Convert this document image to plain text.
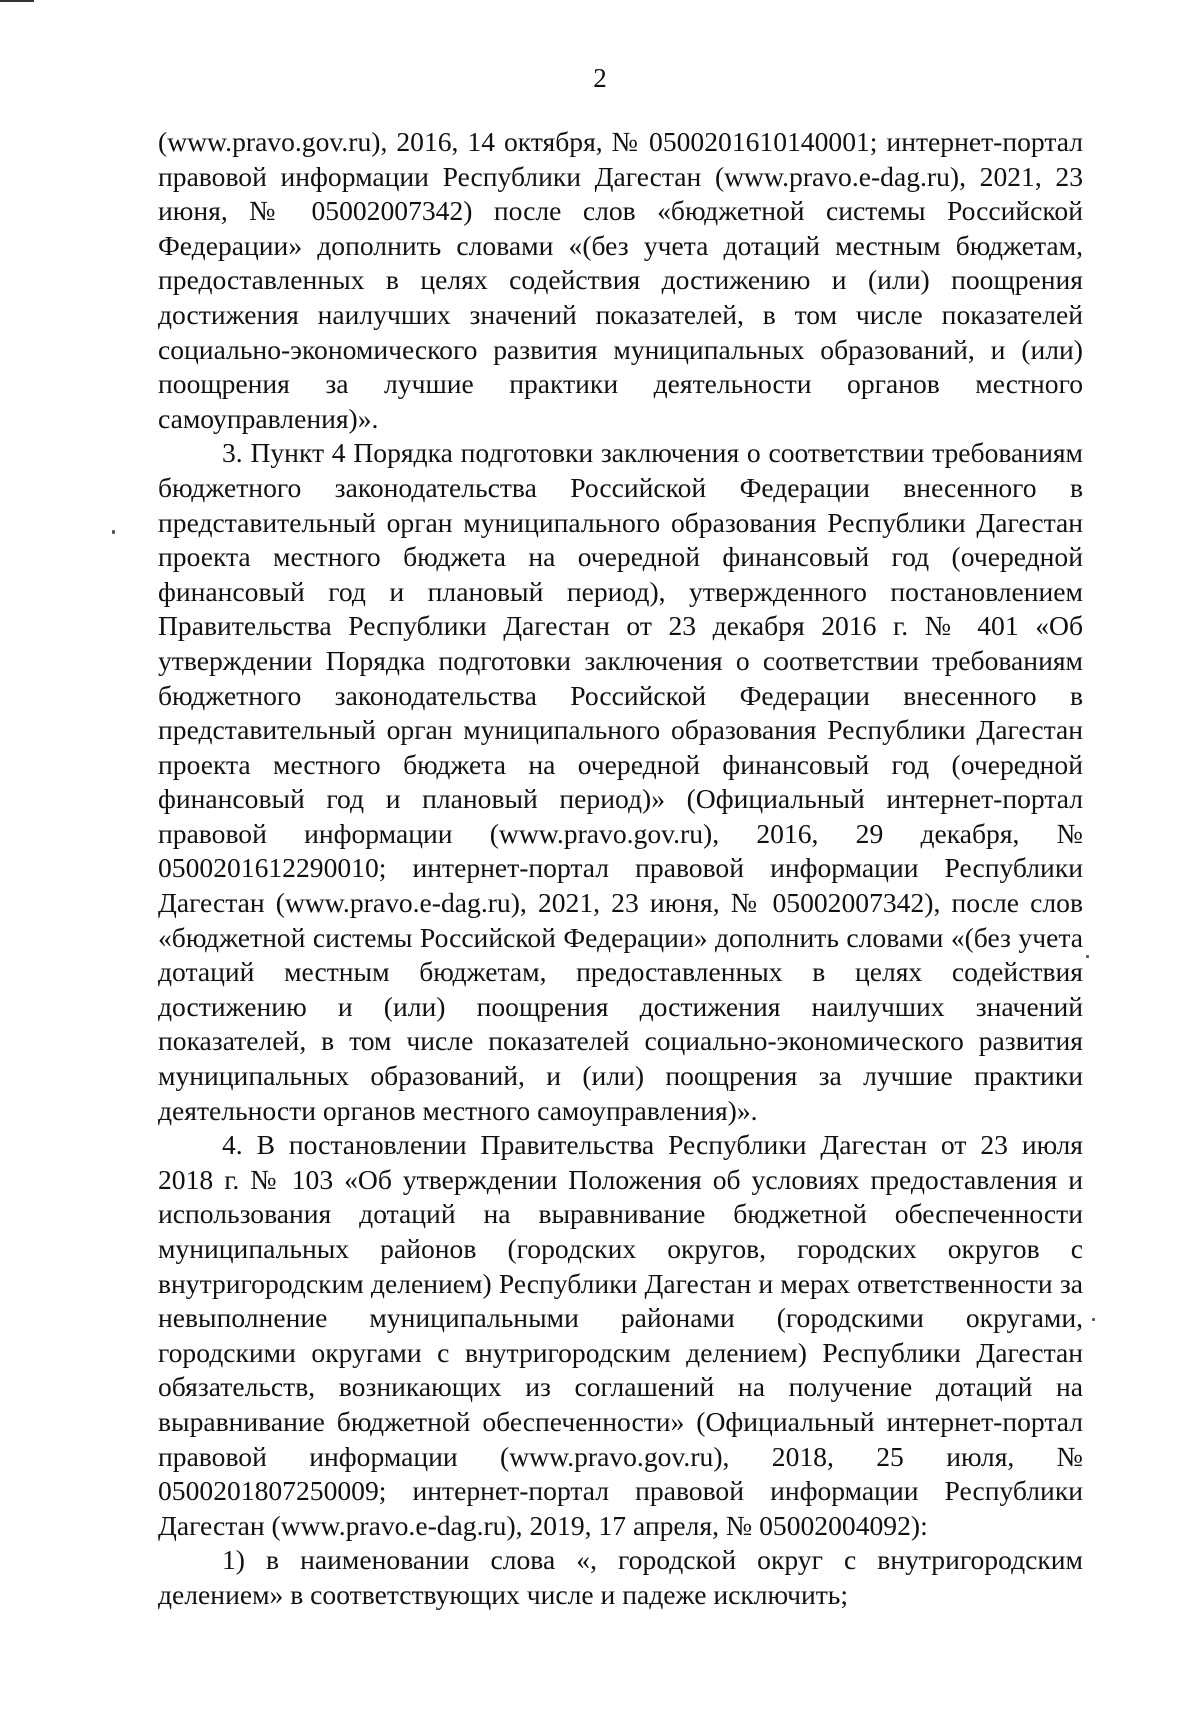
2

(www.pravo.gov.ru), 2016, 14 октября, № 0500201610140001; интернет-портал правовой информации Республики Дагестан (www.pravo.e-dag.ru), 2021, 23 июня, № 05002007342) после слов «бюджетной системы Российской Федерации» дополнить словами «(без учета дотаций местным бюджетам, предоставленных в целях содействия достижению и (или) поощрения достижения наилучших значений показателей, в том числе показателей социально-экономического развития муниципальных образований, и (или) поощрения за лучшие практики деятельности органов местного самоуправления)».

3. Пункт 4 Порядка подготовки заключения о соответствии требованиям бюджетного законодательства Российской Федерации внесенного в представительный орган муниципального образования Республики Дагестан проекта местного бюджета на очередной финансовый год (очередной финансовый год и плановый период), утвержденного постановлением Правительства Республики Дагестан от 23 декабря 2016 г. № 401 «Об утверждении Порядка подготовки заключения о соответствии требованиям бюджетного законодательства Российской Федерации внесенного в представительный орган муниципального образования Республики Дагестан проекта местного бюджета на очередной финансовый год (очередной финансовый год и плановый период)» (Официальный интернет-портал правовой информации (www.pravo.gov.ru), 2016, 29 декабря, № 0500201612290010; интернет-портал правовой информации Республики Дагестан (www.pravo.e-dag.ru), 2021, 23 июня, № 05002007342), после слов «бюджетной системы Российской Федерации» дополнить словами «(без учета дотаций местным бюджетам, предоставленных в целях содействия достижению и (или) поощрения достижения наилучших значений показателей, в том числе показателей социально-экономического развития муниципальных образований, и (или) поощрения за лучшие практики деятельности органов местного самоуправления)».

4. В постановлении Правительства Республики Дагестан от 23 июля 2018 г. № 103 «Об утверждении Положения об условиях предоставления и использования дотаций на выравнивание бюджетной обеспеченности муниципальных районов (городских округов, городских округов с внутригородским делением) Республики Дагестан и мерах ответственности за невыполнение муниципальными районами (городскими округами, городскими округами с внутригородским делением) Республики Дагестан обязательств, возникающих из соглашений на получение дотаций на выравнивание бюджетной обеспеченности» (Официальный интернет-портал правовой информации (www.pravo.gov.ru), 2018, 25 июля, № 0500201807250009; интернет-портал правовой информации Республики Дагестан (www.pravo.e-dag.ru), 2019, 17 апреля, № 05002004092):

1) в наименовании слова «, городской округ с внутригородским делением» в соответствующих числе и падеже исключить;
